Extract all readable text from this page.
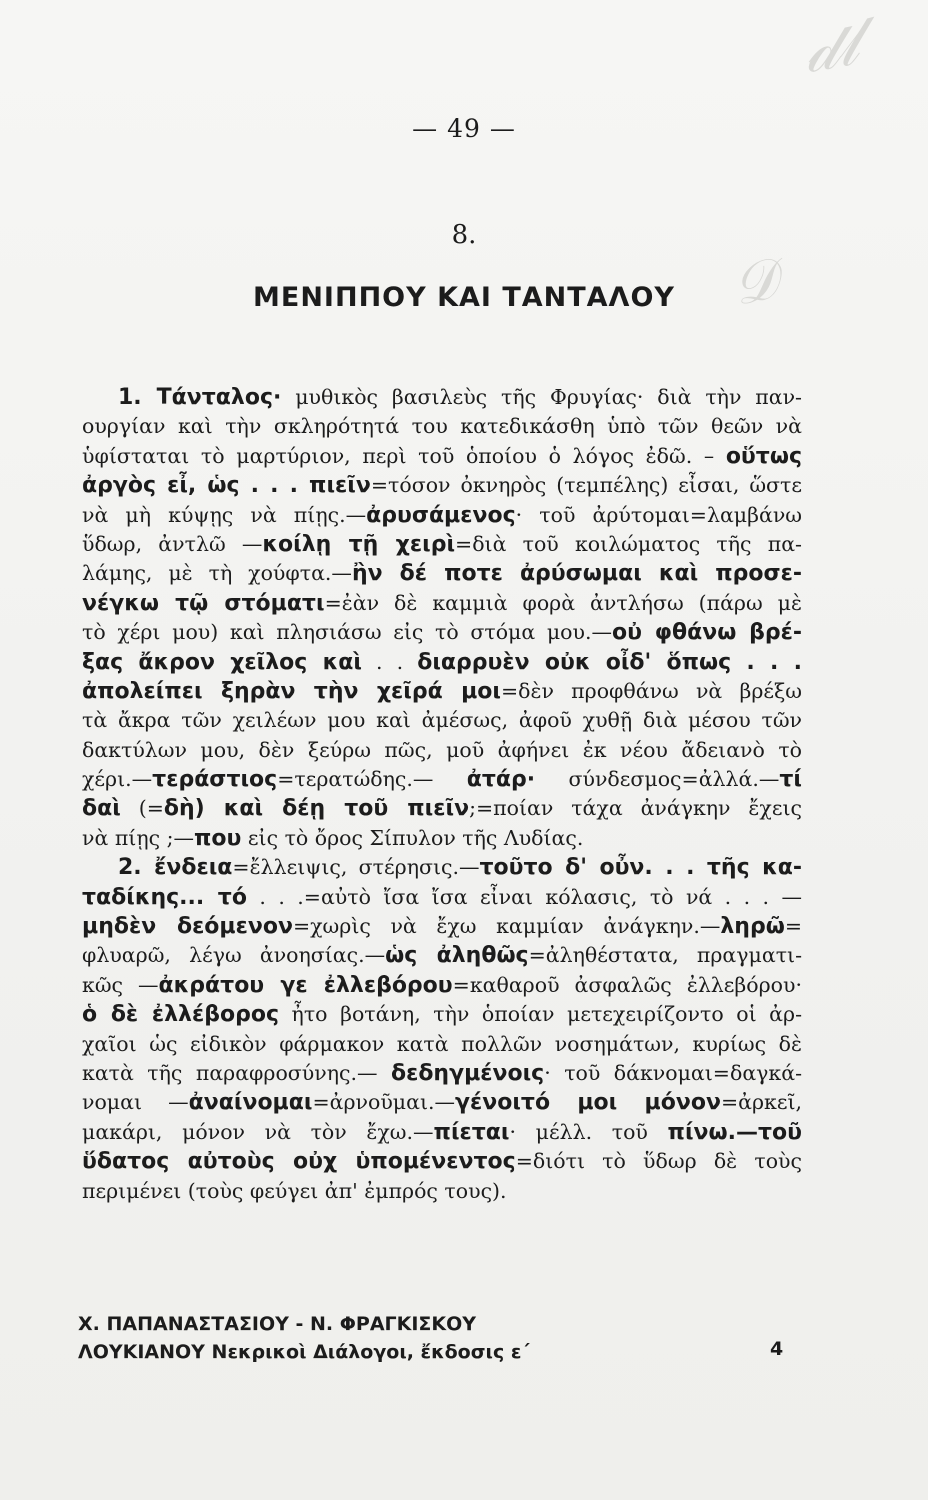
𝒹𝓁
𝒟
— 49 —
8.
ΜΕΝΙΠΠΟΥ ΚΑΙ ΤΑΝΤΑΛΟΥ
1. Τάνταλος· μυθικὸς βασιλεὺς τῆς Φρυγίας· διὰ τὴν παν-
ουργίαν καὶ τὴν σκληρότητά του κατεδικάσθη ὑπὸ τῶν θεῶν νὰ
ὑφίσταται τὸ μαρτύριον, περὶ τοῦ ὁποίου ὁ λόγος ἐδῶ. – οὕτως
ἀργὸς εἶ, ὡς . . . πιεῖν=τόσον ὀκνηρὸς (τεμπέλης) εἶσαι, ὥστε
νὰ μὴ κύψῃς νὰ πίῃς.—ἀρυσάμενος· τοῦ ἀρύτομαι=λαμβάνω
ὕδωρ, ἀντλῶ —κοίλῃ τῇ χειρὶ=διὰ τοῦ κοιλώματος τῆς πα-
λάμης, μὲ τὴ χούφτα.—ἢν δέ ποτε ἀρύσωμαι καὶ προσε-
νέγκω τῷ στόματι=ἐὰν δὲ καμμιὰ φορὰ ἀντλήσω (πάρω μὲ
τὸ χέρι μου) καὶ πλησιάσω εἰς τὸ στόμα μου.—οὐ φθάνω βρέ-
ξας ἄκρον χεῖλος καὶ . . διαρρυὲν οὐκ οἶδ' ὅπως . . .
ἀπολείπει ξηρὰν τὴν χεῖρά μοι=δὲν προφθάνω νὰ βρέξω
τὰ ἄκρα τῶν χειλέων μου καὶ ἀμέσως, ἀφοῦ χυθῇ διὰ μέσου τῶν
δακτύλων μου, δὲν ξεύρω πῶς, μοῦ ἀφήνει ἐκ νέου ἄδειανὸ τὸ
χέρι.—τεράστιος=τερατώδης.— ἀτάρ· σύνδεσμος=ἀλλά.—τί
δαὶ (=δὴ) καὶ δέῃ τοῦ πιεῖν;=ποίαν τάχα ἀνάγκην ἔχεις
νὰ πίῃς ;—που εἰς τὸ ὄρος Σίπυλον τῆς Λυδίας.
2. ἔνδεια=ἔλλειψις, στέρησις.—τοῦτο δ' οὖν. . . τῆς κα-
ταδίκης... τό . . .=αὐτὸ ἴσα ἴσα εἶναι κόλασις, τὸ νά . . . —
μηδὲν δεόμενον=χωρὶς νὰ ἔχω καμμίαν ἀνάγκην.—ληρῶ=
φλυαρῶ, λέγω ἀνοησίας.—ὡς ἀληθῶς=ἀληθέστατα, πραγματι-
κῶς —ἀκράτου γε ἐλλεβόρου=καθαροῦ ἀσφαλῶς ἐλλεβόρου·
ὁ δὲ ἐλλέβορος ἦτο βοτάνη, τὴν ὁποίαν μετεχειρίζοντο οἱ ἀρ-
χαῖοι ὡς εἰδικὸν φάρμακον κατὰ πολλῶν νοσημάτων, κυρίως δὲ
κατὰ τῆς παραφροσύνης.— δεδηγμένοις· τοῦ δάκνομαι=δαγκά-
νομαι —ἀναίνομαι=ἀρνοῦμαι.—γένοιτό μοι μόνον=ἀρκεῖ,
μακάρι, μόνον νὰ τὸν ἔχω.—πίεται· μέλλ. τοῦ πίνω.—τοῦ
ὕδατος αὐτοὺς οὐχ ὑπομένεντος=διότι τὸ ὕδωρ δὲ τοὺς
περιμένει (τοὺς φεύγει ἀπ' ἐμπρός τους).
Χ. ΠΑΠΑΝΑΣΤΑΣΙΟΥ - Ν. ΦΡΑΓΚΙΣΚΟΥ
ΛΟΥΚΙΑΝΟΥ Νεκρικοὶ Διάλογοι, ἔκδοσις ε΄	4
